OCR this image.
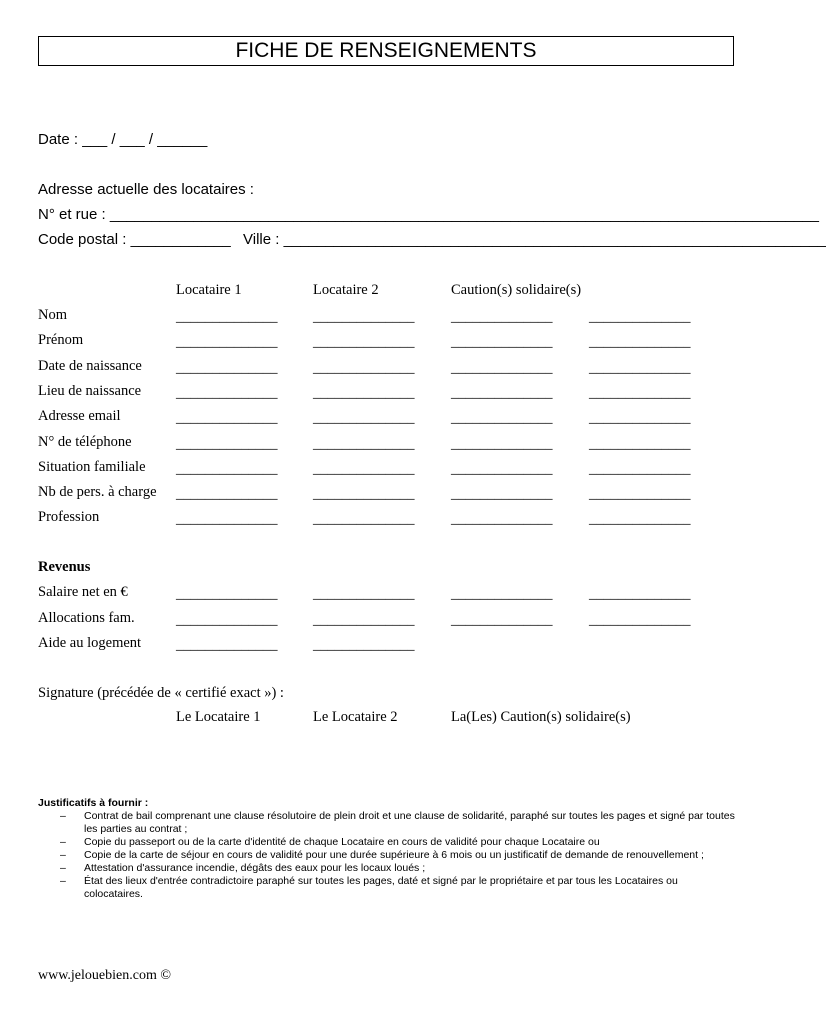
FICHE DE RENSEIGNEMENTS
Date : ___ / ___ / ______
Adresse actuelle des locataires :
N° et rue : _____________________________________________________________________________________
Code postal : ____________ Ville : _________________________________________________________________
Locataire 1	Locataire 2	Caution(s) solidaire(s)
Nom	______________ ______________	______________	______________
Prénom	______________ ______________	______________	______________
Date de naissance ______________ ______________	______________	______________
Lieu de naissance ______________ ______________	______________	______________
Adresse email	______________ ______________	______________	______________
N° de téléphone	______________ ______________	______________	______________
Situation familiale ______________ ______________	______________	______________
Nb de pers. à charge ______________ ______________	______________	______________
Profession	______________ ______________	______________	______________
Revenus
Salaire net en €	______________ ______________	______________	______________
Allocations fam.	______________ ______________	______________	______________
Aide au logement ______________ ______________
Signature (précédée de « certifié exact ») :
Le Locataire 1	Le Locataire 2	La(Les) Caution(s) solidaire(s)
Justificatifs à fournir :
– Contrat de bail comprenant une clause résolutoire de plein droit et une clause de solidarité, paraphé sur toutes les pages et signé par toutes les parties au contrat ;
– Copie du passeport ou de la carte d'identité de chaque Locataire en cours de validité pour chaque Locataire ou
– Copie de la carte de séjour en cours de validité pour une durée supérieure à 6 mois ou un justificatif de demande de renouvellement ;
– Attestation d'assurance incendie, dégâts des eaux pour les locaux loués ;
– État des lieux d'entrée contradictoire paraphé sur toutes les pages, daté et signé par le propriétaire et par tous les Locataires ou colocataires.
www.jelouebien.com ©
